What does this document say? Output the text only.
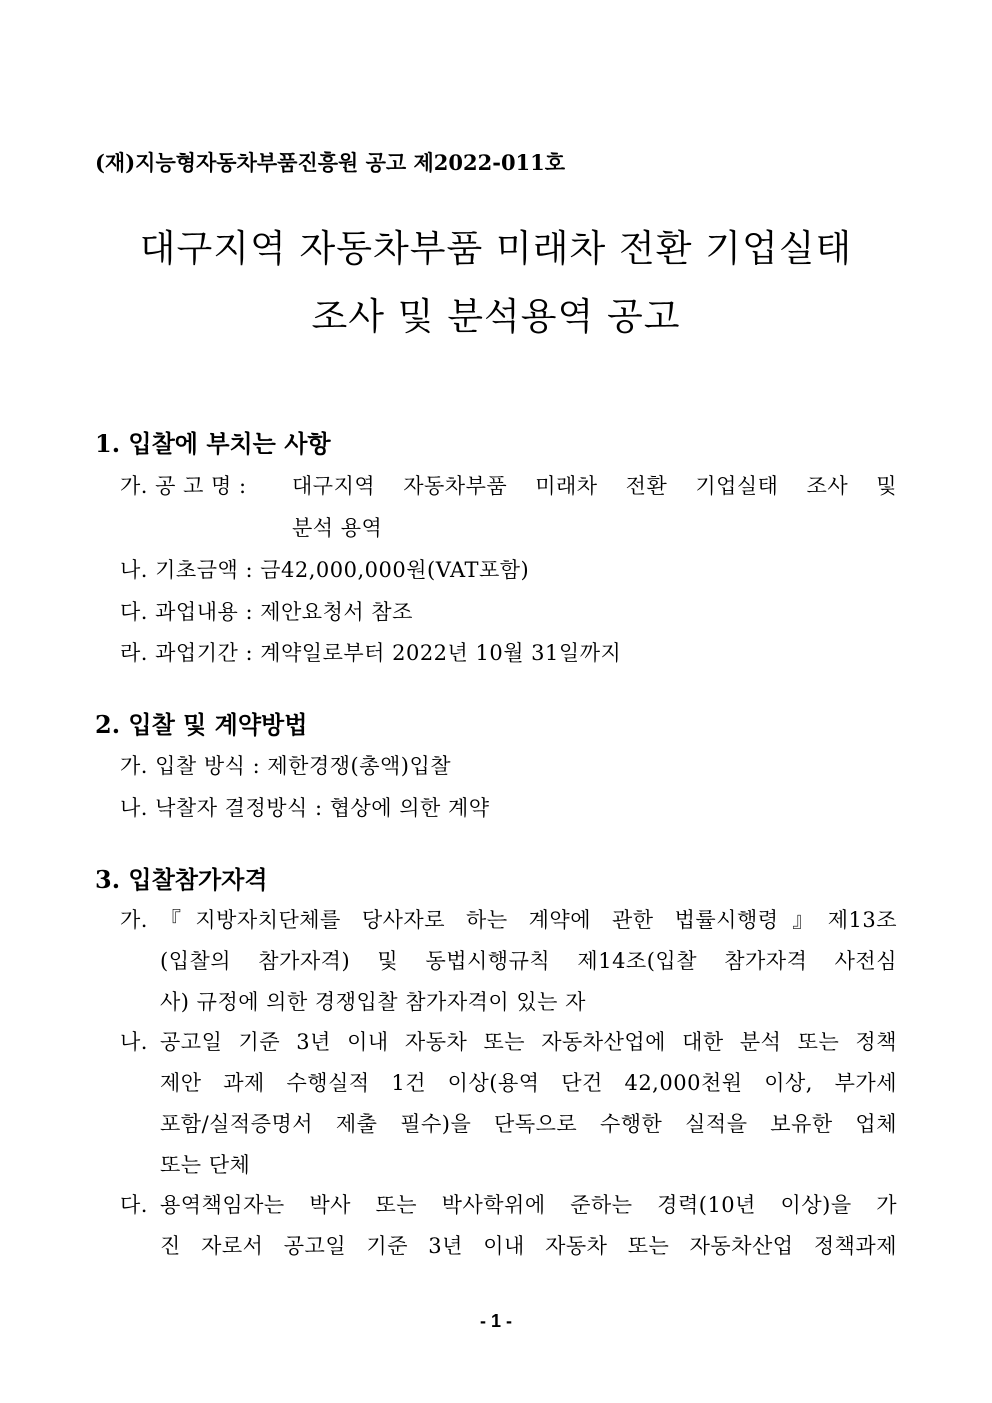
(재)지능형자동차부품진흥원 공고 제2022-011호
대구지역 자동차부품 미래차 전환 기업실태
조사 및 분석용역 공고
1. 입찰에 부치는 사항
가. 공 고 명 : 대구지역 자동차부품 미래차 전환 기업실태 조사 및
분석 용역
나. 기초금액 : 금42,000,000원(VAT포함)
다. 과업내용 : 제안요청서 참조
라. 과업기간 : 계약일로부터 2022년 10월 31일까지
2. 입찰 및 계약방법
가. 입찰 방식 : 제한경쟁(총액)입찰
나. 낙찰자 결정방식 : 협상에 의한 계약
3. 입찰참가자격
가. 『지방자치단체를 당사자로 하는 계약에 관한 법률시행령』제13조
(입찰의 참가자격) 및 동법시행규칙 제14조(입찰 참가자격 사전심
사) 규정에 의한 경쟁입찰 참가자격이 있는 자
나. 공고일 기준 3년 이내 자동차 또는 자동차산업에 대한 분석 또는 정책
제안 과제 수행실적 1건 이상(용역 단건 42,000천원 이상, 부가세
포함/실적증명서 제출 필수)을 단독으로 수행한 실적을 보유한 업체
또는 단체
다. 용역책임자는 박사 또는 박사학위에 준하는 경력(10년 이상)을 가
진 자로서 공고일 기준 3년 이내 자동차 또는 자동차산업 정책과제
- 1 -
